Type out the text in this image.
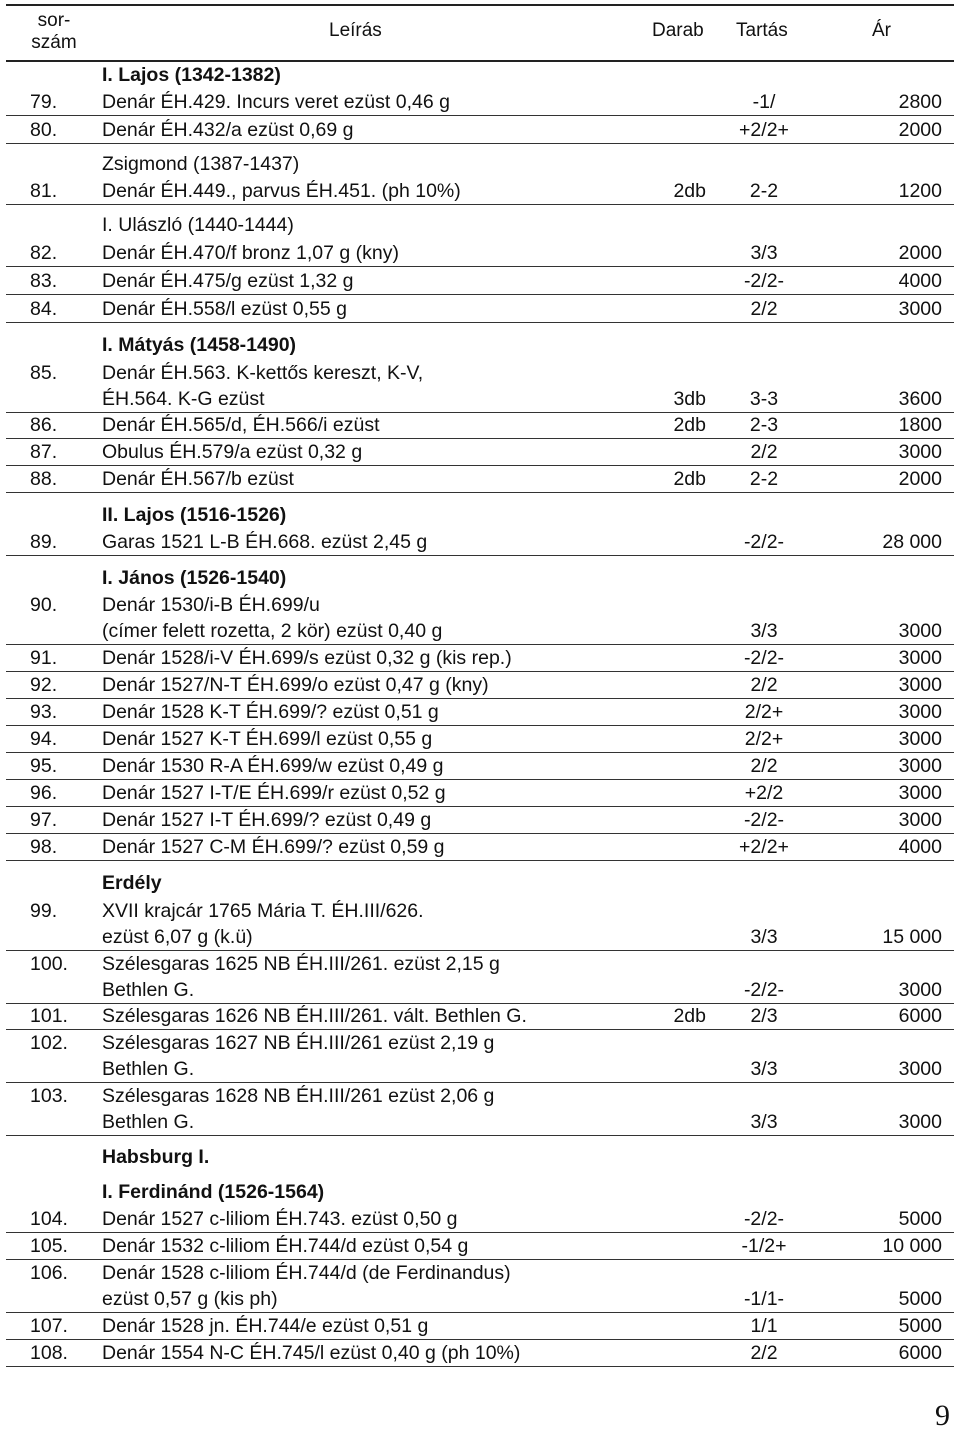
sor-
szám
Leírás	Darab Tartás	Ár
I. Lajos (1342-1382)
79.	Denár ÉH.429. Incurs veret ezüst 0,46 g	-1/	2800
80.	Denár ÉH.432/a ezüst 0,69 g	+2/2+	2000
Zsigmond (1387-1437)
81.	Denár ÉH.449., parvus ÉH.451. (ph 10%)	2db	2-2	1200
I. Ulászló (1440-1444)
82.	Denár ÉH.470/f bronz 1,07 g (kny)	3/3	2000
83.	Denár ÉH.475/g ezüst 1,32 g	-2/2-	4000
84.	Denár ÉH.558/l ezüst 0,55 g	2/2	3000
I. Mátyás (1458-1490)
85.	Denár ÉH.563. K-kettős kereszt, K-V,
ÉH.564. K-G ezüst	3db	3-3	3600
86.	Denár ÉH.565/d, ÉH.566/i ezüst	2db	2-3	1800
87.	Obulus ÉH.579/a ezüst 0,32 g	2/2	3000
88.	Denár ÉH.567/b ezüst	2db	2-2	2000
II. Lajos (1516-1526)
89.	Garas 1521 L-B ÉH.668. ezüst 2,45 g	-2/2-	28 000
I. János (1526-1540)
90.	Denár 1530/i-B ÉH.699/u
(címer felett rozetta, 2 kör) ezüst 0,40 g	3/3	3000
91.	Denár 1528/i-V ÉH.699/s ezüst 0,32 g (kis rep.)	-2/2-	3000
92.	Denár 1527/N-T ÉH.699/o ezüst 0,47 g (kny)	2/2	3000
93.	Denár 1528 K-T ÉH.699/? ezüst 0,51 g	2/2+	3000
94.	Denár 1527 K-T ÉH.699/l ezüst 0,55 g	2/2+	3000
95.	Denár 1530 R-A ÉH.699/w ezüst 0,49 g	2/2	3000
96.	Denár 1527 I-T/E ÉH.699/r ezüst 0,52 g	+2/2	3000
97.	Denár 1527 I-T ÉH.699/? ezüst 0,49 g	-2/2-	3000
98.	Denár 1527 C-M ÉH.699/? ezüst 0,59 g	+2/2+	4000
Erdély
99.	XVII krajcár 1765 Mária T. ÉH.III/626.
ezüst 6,07 g (k.ü)	3/3	15 000
100.	Szélesgaras 1625 NB ÉH.III/261. ezüst 2,15 g
Bethlen G.	-2/2-	3000
101.	Szélesgaras 1626 NB ÉH.III/261. vált. Bethlen G.	2db	2/3	6000
102.	Szélesgaras 1627 NB ÉH.III/261 ezüst 2,19 g
Bethlen G.	3/3	3000
103.	Szélesgaras 1628 NB ÉH.III/261 ezüst 2,06 g
Bethlen G.	3/3	3000
Habsburg I.
I. Ferdinánd (1526-1564)
104.	Denár 1527 c-liliom ÉH.743. ezüst 0,50 g	-2/2-	5000
105.	Denár 1532 c-liliom ÉH.744/d ezüst 0,54 g	-1/2+	10 000
106.	Denár 1528 c-liliom ÉH.744/d (de Ferdinandus)
ezüst 0,57 g (kis ph)	-1/1-	5000
107.	Denár 1528 jn. ÉH.744/e ezüst 0,51 g	1/1	5000
108.	Denár 1554 N-C ÉH.745/l ezüst 0,40 g (ph 10%)	2/2	6000
9
